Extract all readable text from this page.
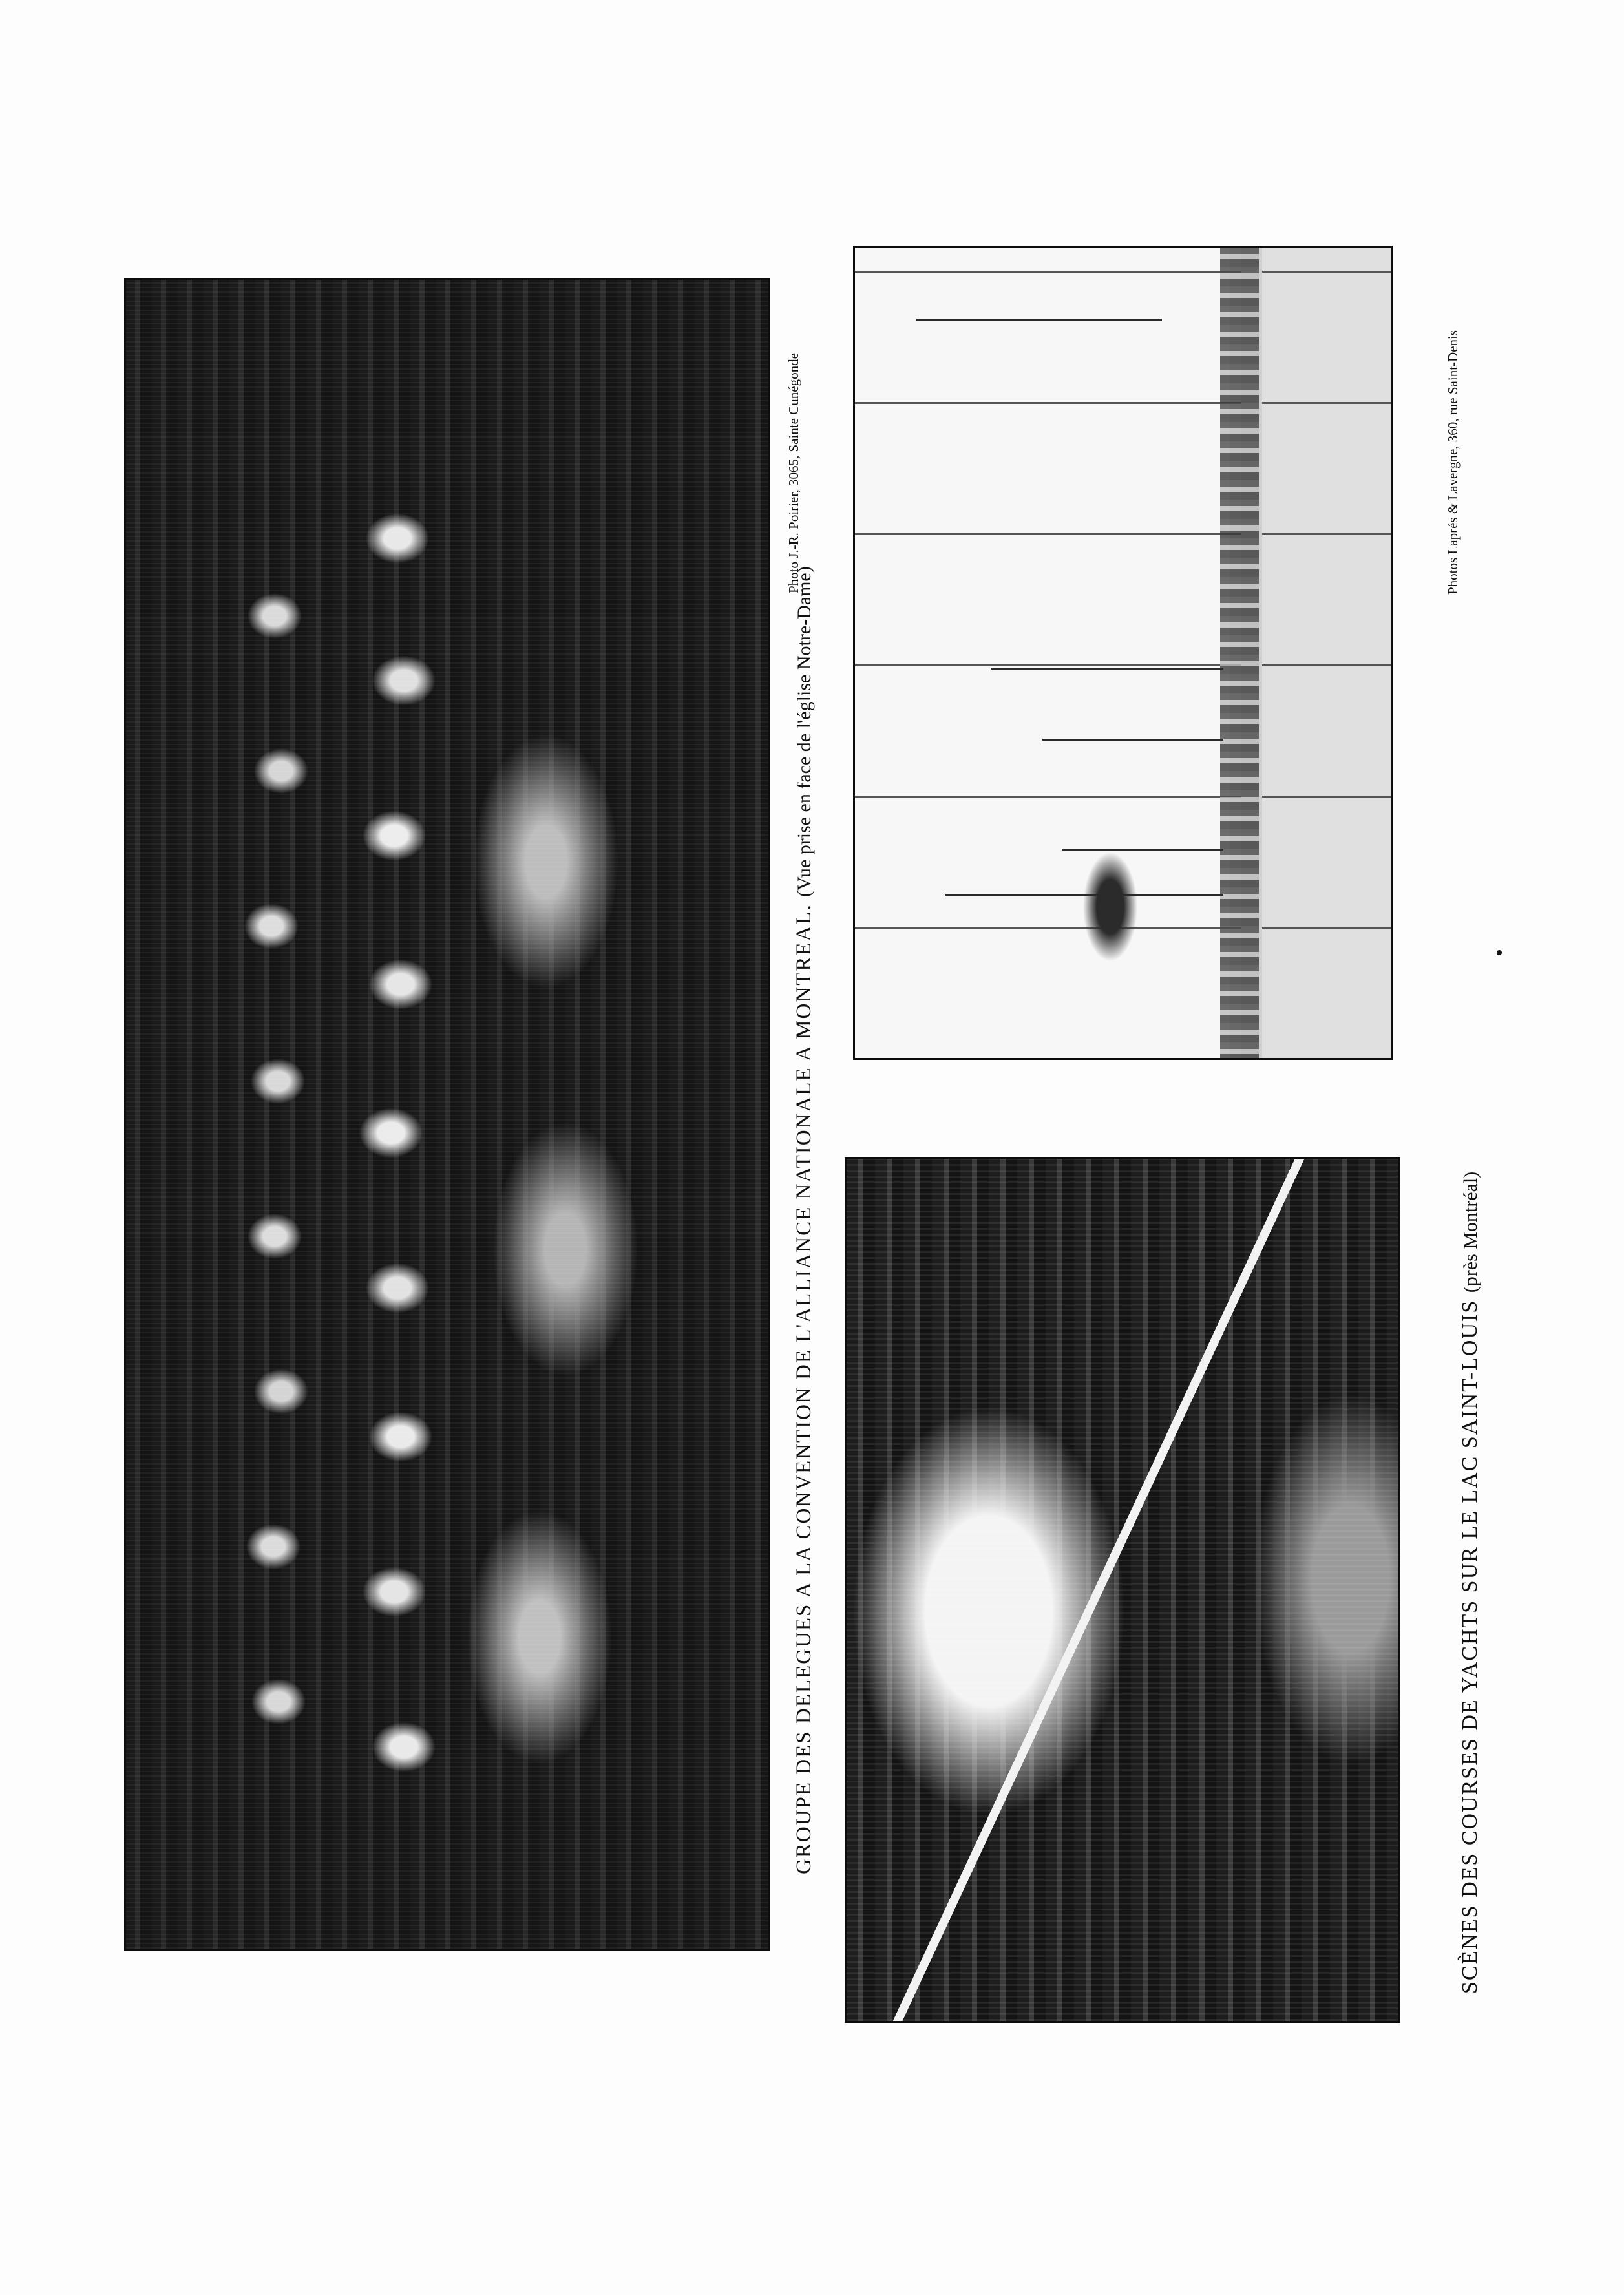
GROUPE DES DELEGUES A LA CONVENTION DE L'ALLIANCE NATIONALE A MONTREAL. (Vue prise en face de l'église Notre-Dame)
Photo J.-R. Poirier, 3065, Sainte Cunégonde
SCÈNES DES COURSES DE YACHTS SUR LE LAC SAINT-LOUIS (près Montréal)
Photos Laprés & Lavergne, 360, rue Saint-Denis
